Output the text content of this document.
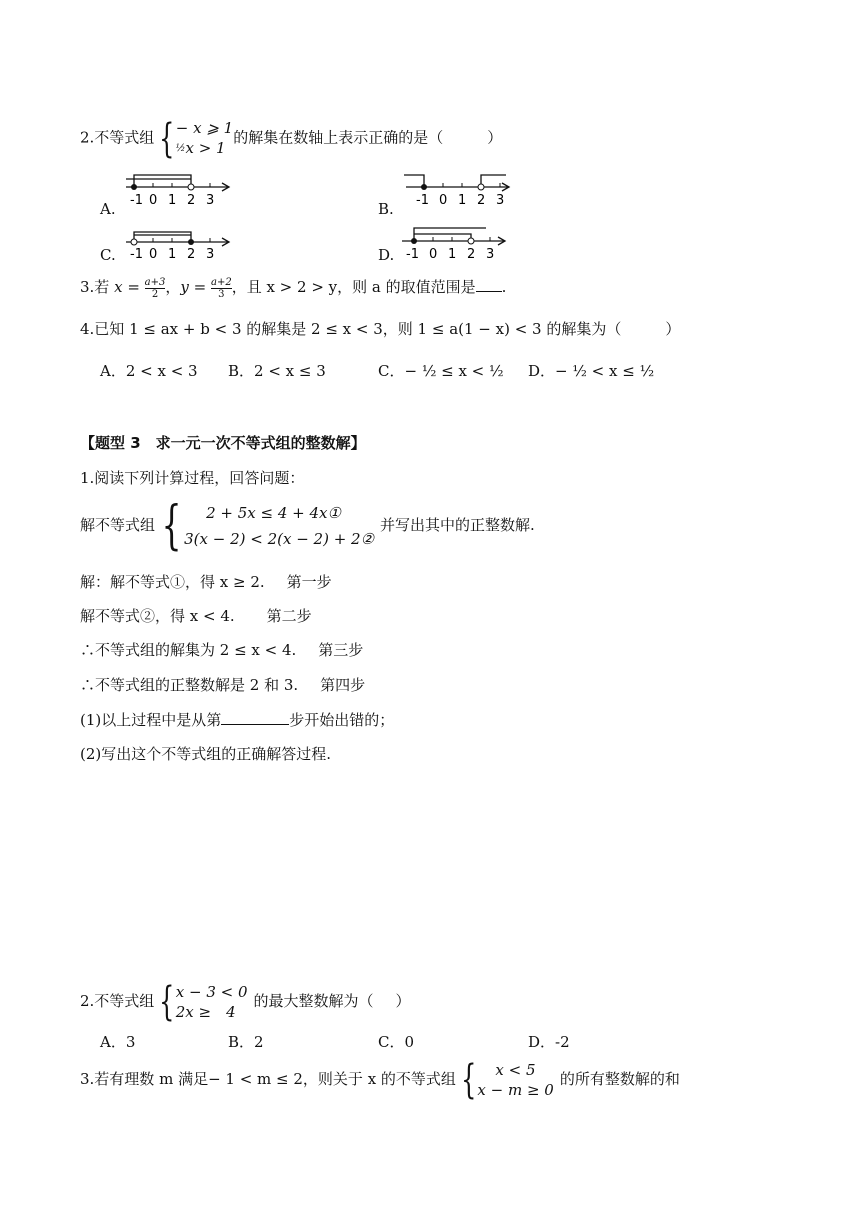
2.不等式组 { − x ⩾ 1
½x > 1
的解集在数轴上表示正确的是（	）
A. -1 0 1 2 3	B. -1 0 1 2 3
C. -1 0 1 2 3	D. -1 0 1 2 3
3.若 $x = \frac{a+3}{2}$ ，$y = \frac{a+2}{3}$ ，且 x > 2 > y，则 a 的取值范围是 .
4.已知 1 ≤ ax + b < 3 的解集是 2 ≤ x < 3，则 1 ≤ a(1 − x) < 3 的解集为（	）
A．2 < x < 3 B．2 < x ≤ 3	C．− ½ ≤ x < ½ D．− ½ < x ≤ ½
【题型 3　求一元一次不等式组的整数解】
1.阅读下列计算过程，回答问题：
解不等式组 {	2 + 5x ≤ 4 + 4x①
3(x − 2) < 2(x − 2) + 2②
并写出其中的正整数解.
解：解不等式①，得 x ≥ 2. 第一步
解不等式②，得 x < 4. 第二步
∴不等式组的解集为 2 ≤ x < 4. 第三步
∴不等式组的正整数解是 2 和 3. 第四步
(1)以上过程中是从第	步开始出错的；
(2)写出这个不等式组的正确解答过程.
2.不等式组 { x − 3 < 0
2x ≥　4
的最大整数解为（ ）
A．3	B．2	C．0	D．-2
3.若有理数 m 满足− 1 < m ≤ 2，则关于 x 的不等式组 {	x < 5
x − m ≥ 0
的所有整数解的和
